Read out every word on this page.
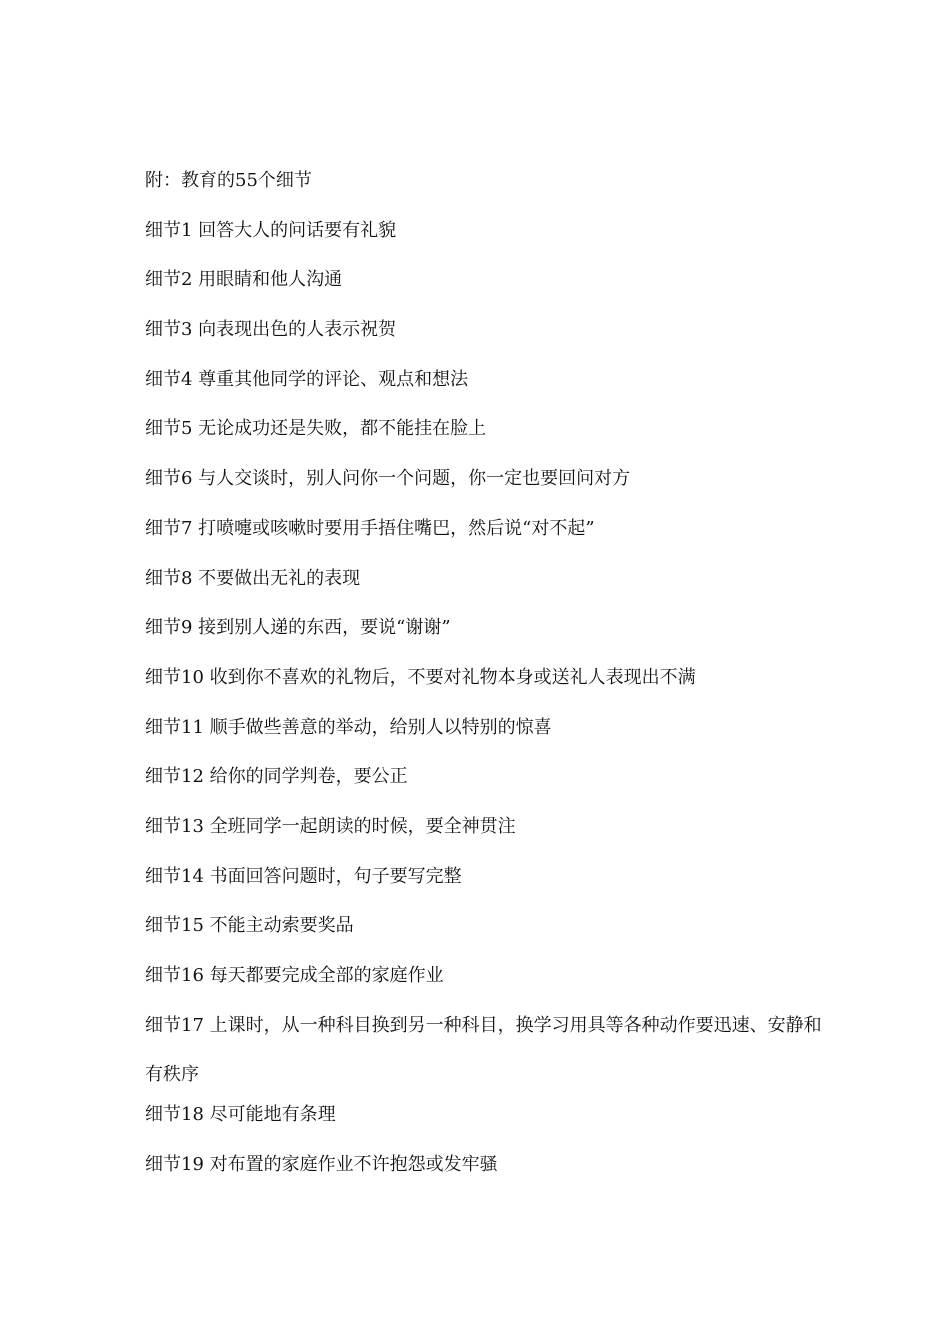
附：教育的55个细节
细节1 回答大人的问话要有礼貌
细节2 用眼睛和他人沟通
细节3 向表现出色的人表示祝贺
细节4 尊重其他同学的评论、观点和想法
细节5 无论成功还是失败，都不能挂在脸上
细节6 与人交谈时，别人问你一个问题，你一定也要回问对方
细节7 打喷嚏或咳嗽时要用手捂住嘴巴，然后说“对不起”
细节8 不要做出无礼的表现
细节9 接到别人递的东西，要说“谢谢”
细节10 收到你不喜欢的礼物后，不要对礼物本身或送礼人表现出不满
细节11 顺手做些善意的举动，给别人以特别的惊喜
细节12 给你的同学判卷，要公正
细节13 全班同学一起朗读的时候，要全神贯注
细节14 书面回答问题时，句子要写完整
细节15 不能主动索要奖品
细节16 每天都要完成全部的家庭作业
细节17 上课时，从一种科目换到另一种科目，换学习用具等各种动作要迅速、安静和有秩序
细节18 尽可能地有条理
细节19 对布置的家庭作业不许抱怨或发牢骚
